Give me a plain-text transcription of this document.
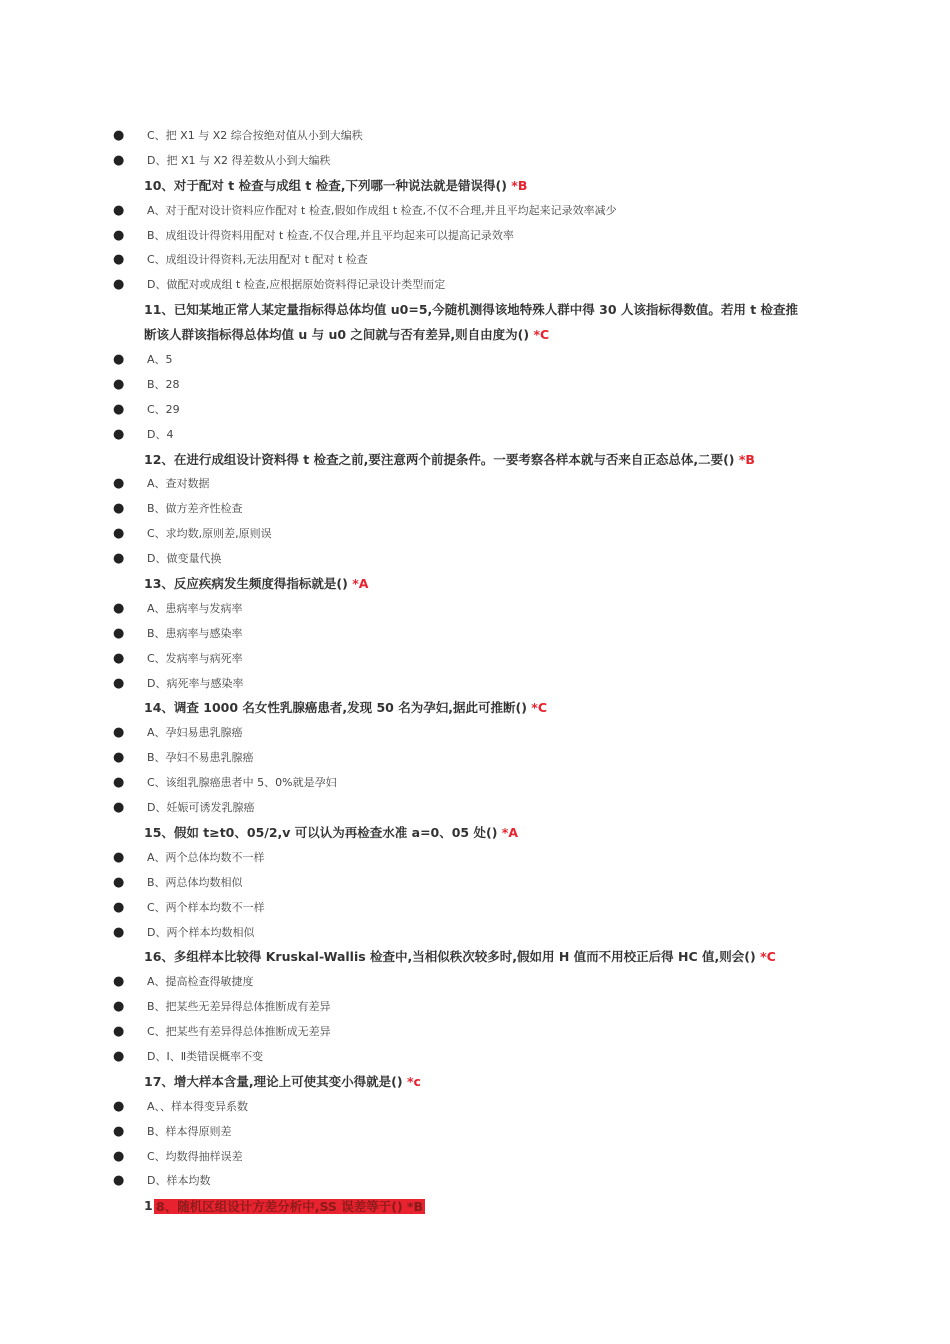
● C、把 X1 与 X2 综合按绝对值从小到大编秩
● D、把 X1 与 X2 得差数从小到大编秩
10、对于配对 t 检查与成组 t 检查,下列哪一种说法就是错误得() *B
● A、对于配对设计资料应作配对 t 检查,假如作成组 t 检查,不仅不合理,并且平均起来记录效率减少
● B、成组设计得资料用配对 t 检查,不仅合理,并且平均起来可以提高记录效率
● C、成组设计得资料,无法用配对 t 配对 t 检查
● D、做配对或成组 t 检查,应根据原始资料得记录设计类型而定
11、已知某地正常人某定量指标得总体均值 u0=5,今随机测得该地特殊人群中得 30 人该指标得数值。若用 t 检查推
断该人群该指标得总体均值 u 与 u0 之间就与否有差异,则自由度为() *C
● A、5
● B、28
● C、29
● D、4
12、在进行成组设计资料得 t 检查之前,要注意两个前提条件。一要考察各样本就与否来自正态总体,二要() *B
● A、查对数据
● B、做方差齐性检查
● C、求均数,原则差,原则误
● D、做变量代换
13、反应疾病发生频度得指标就是() *A
● A、患病率与发病率
● B、患病率与感染率
● C、发病率与病死率
● D、病死率与感染率
14、调查 1000 名女性乳腺癌患者,发现 50 名为孕妇,据此可推断() *C
● A、孕妇易患乳腺癌
● B、孕妇不易患乳腺癌
● C、该组乳腺癌患者中 5、0%就是孕妇
● D、妊娠可诱发乳腺癌
15、假如 t≥t0、05/2,v 可以认为再检查水准 a=0、05 处() *A
● A、两个总体均数不一样
● B、两总体均数相似
● C、两个样本均数不一样
● D、两个样本均数相似
16、多组样本比较得 Kruskal-Wallis 检查中,当相似秩次较多时,假如用 H 值而不用校正后得 HC 值,则会() *C
● A、提高检查得敏捷度
● B、把某些无差异得总体推断成有差异
● C、把某些有差异得总体推断成无差异
● D、Ⅰ、Ⅱ类错误概率不变
17、增大样本含量,理论上可使其变小得就是() *c
● A、、样本得变异系数
● B、样本得原则差
● C、均数得抽样误差
● D、样本均数
1 8、随机区组设计方差分析中,SS 误差等于() *B
